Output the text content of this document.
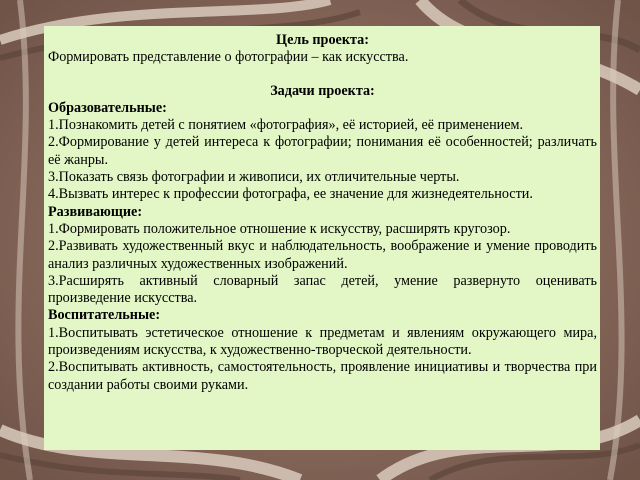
Цель проекта:
Формировать представление о фотографии – как искусства.
Задачи проекта:
Образовательные:
1.Познакомить детей с понятием «фотография», её историей, её применением.
2.Формирование у детей интереса к фотографии; понимания её особенностей; различать её жанры.
3.Показать связь фотографии и живописи, их отличительные черты.
4.Вызвать интерес к профессии фотографа, ее значение для жизнедеятельности.
Развивающие:
1.Формировать положительное отношение к искусству, расширять кругозор.
2.Развивать художественный вкус и наблюдательность, воображение и умение проводить анализ различных художественных изображений.
3.Расширять активный словарный запас детей, умение развернуто оценивать произведение искусства.
Воспитательные:
1.Воспитывать эстетическое отношение к предметам и явлениям окружающего мира, произведениям искусства, к художественно-творческой деятельности.
2.Воспитывать активность, самостоятельность, проявление инициативы и творчества при создании работы своими руками.
